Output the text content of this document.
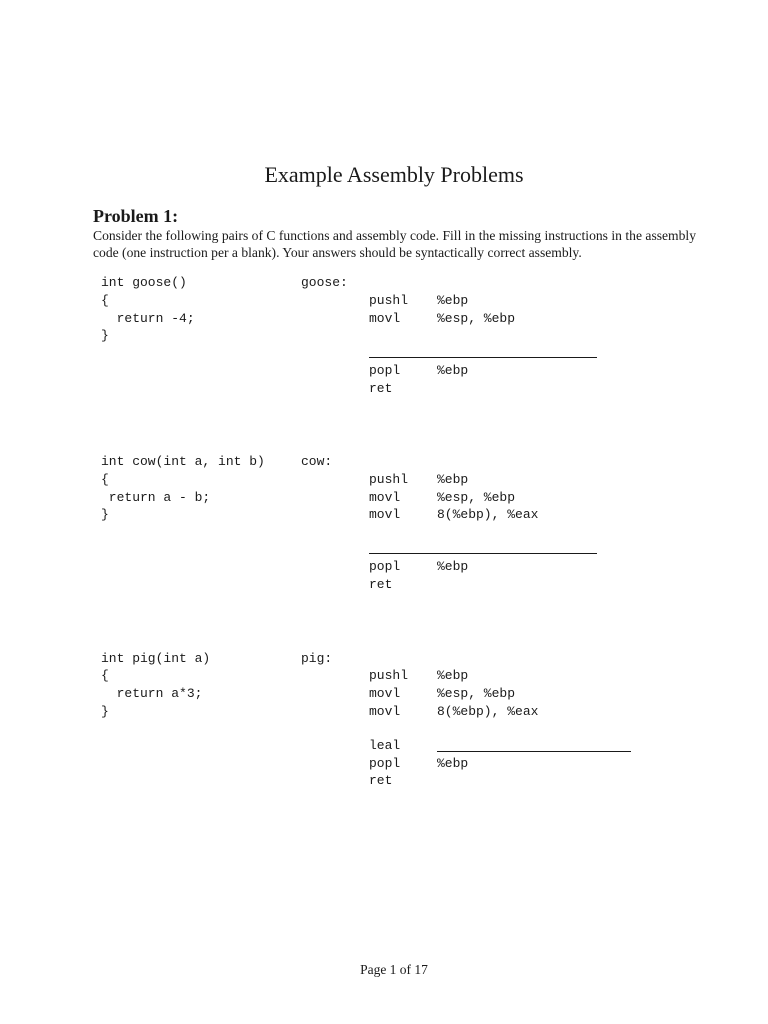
Example Assembly Problems
Problem 1:

Consider the following pairs of C functions and assembly code. Fill in the missing instructions in the assembly code (one instruction per a blank). Your answers should be syntactically correct assembly.

int goose()
{
return -4;
}
goose:
pushl %ebp
movl	%esp, %ebp
popl	%ebp
ret
int cow(int a, int b)
{
return a - b;
}
cow:
pushl %ebp
movl	%esp, %ebp
movl	8(%ebp), %eax
popl	%ebp
ret
int pig(int a)
{
return a*3;
}
pig:
pushl %ebp
movl	%esp, %ebp
movl	8(%ebp), %eax
leal
popl	%ebp
ret
Page 1 of 17
